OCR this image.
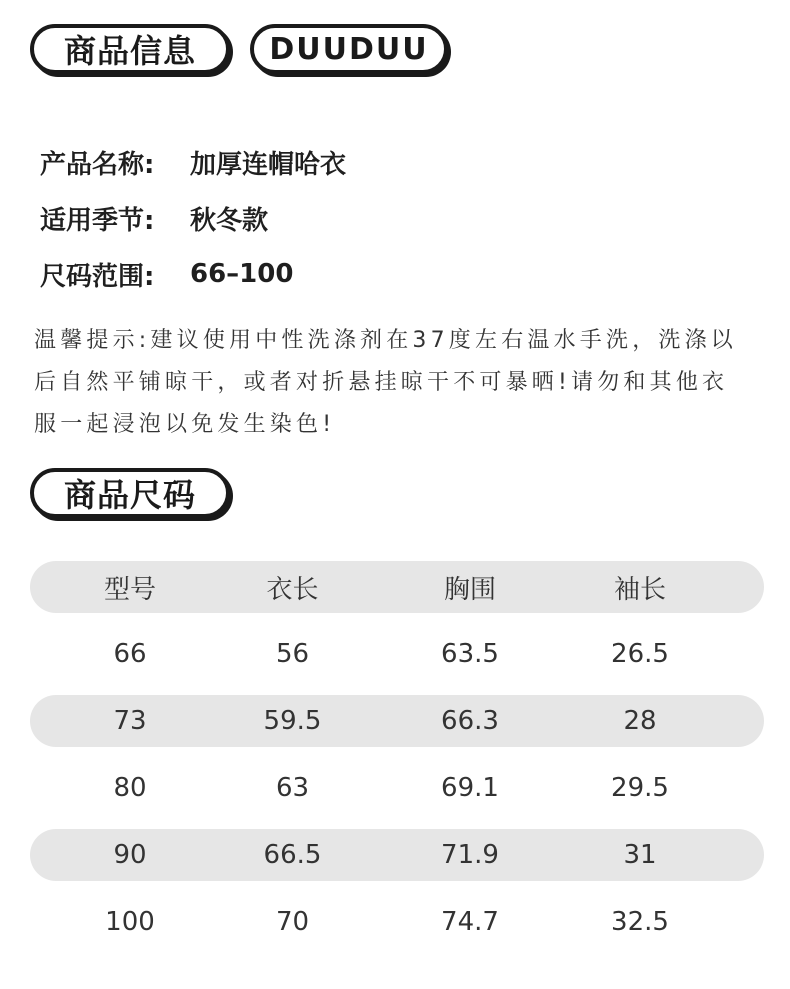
商品信息	DUUDUU
产品名称:	加厚连帽哈衣
适用季节:	秋冬款
尺码范围:	66–100
温馨提示:建议使用中性洗涤剂在37度左右温水手洗，洗涤以后自然平铺晾干，或者对折悬挂晾干不可暴晒!请勿和其他衣服一起浸泡以免发生染色!
商品尺码
型号	衣长	胸围	袖长
66	56	63.5	26.5
73	59.5	66.3	28
80	63	69.1	29.5
90	66.5	71.9	31
100	70	74.7	32.5
